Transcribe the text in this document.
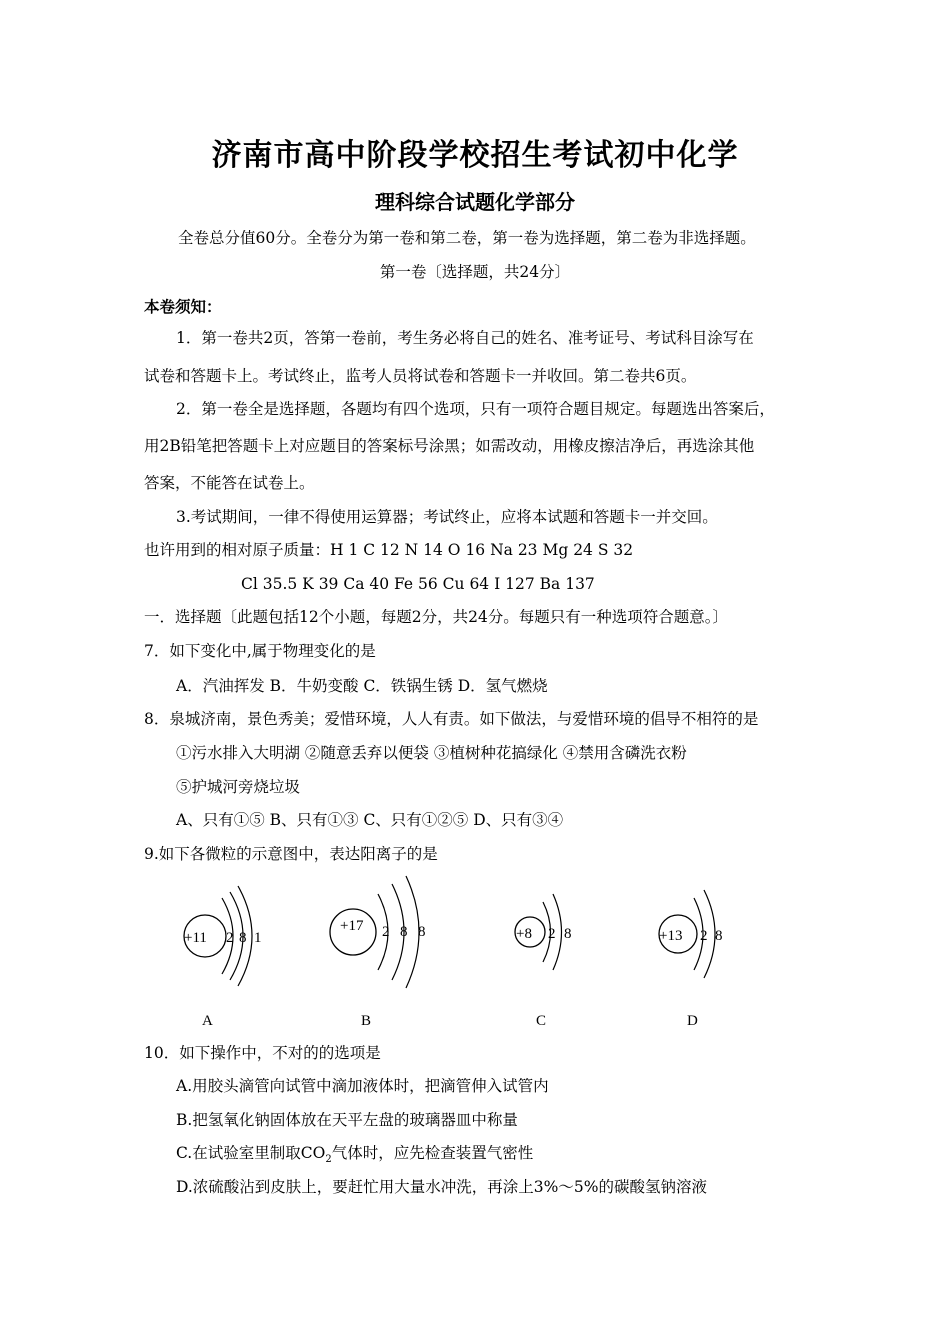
济南市高中阶段学校招生考试初中化学
理科综合试题化学部分
全卷总分值60分。全卷分为第一卷和第二卷，第一卷为选择题，第二卷为非选择题。
第一卷〔选择题，共24分〕
本卷须知：
1．第一卷共2页，答第一卷前，考生务必将自己的姓名、准考证号、考试科目涂写在
试卷和答题卡上。考试终止，监考人员将试卷和答题卡一并收回。第二卷共6页。
2．第一卷全是选择题，各题均有四个选项，只有一项符合题目规定。每题选出答案后，
用2B铅笔把答题卡上对应题目的答案标号涂黑；如需改动，用橡皮擦洁净后，再选涂其他
答案，不能答在试卷上。
3.考试期间，一律不得使用运算器；考试终止，应将本试题和答题卡一并交回。
也许用到的相对原子质量：H 1 C 12 N 14 O 16 Na 23 Mg 24 S 32
Cl 35.5 K 39 Ca 40 Fe 56 Cu 64 I 127 Ba 137
一．选择题〔此题包括12个小题，每题2分，共24分。每题只有一种选项符合题意。〕
7．如下变化中,属于物理变化的是
A．汽油挥发 B．牛奶变酸 C．铁锅生锈 D．氢气燃烧
8．泉城济南，景色秀美；爱惜环境，人人有责。如下做法，与爱惜环境的倡导不相符的是
①污水排入大明湖 ②随意丢弃以便袋 ③植树种花搞绿化 ④禁用含磷洗衣粉
⑤护城河旁烧垃圾
A、只有①⑤ B、只有①③ C、只有①②⑤ D、只有③④
9.如下各微粒的示意图中，表达阳离子的是
+11 2 8 1
A
+17 2 8 8
B
+8 2 8
C
+13 2 8
D
10．如下操作中，不对的的选项是
A.用胶头滴管向试管中滴加液体时，把滴管伸入试管内
B.把氢氧化钠固体放在天平左盘的玻璃器皿中称量
C.在试验室里制取$CO_2$气体时，应先检查装置气密性
D.浓硫酸沾到皮肤上，要赶忙用大量水冲洗，再涂上3%～5%的碳酸氢钠溶液
